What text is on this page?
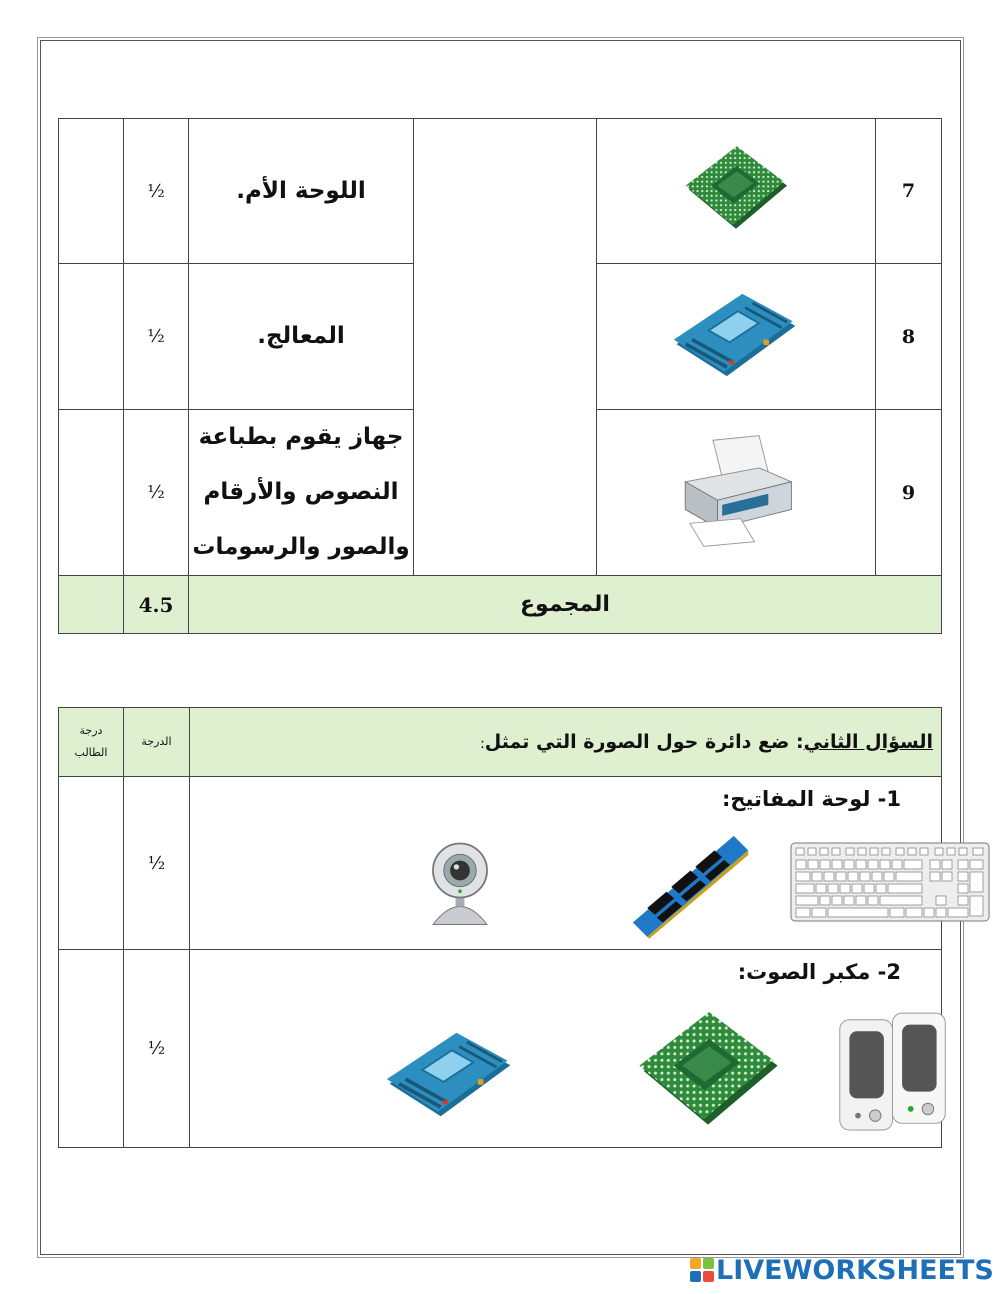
7			اللوحة الأم.	½	
8			المعالج.	½	
9			جهاز يقوم بطباعة
النصوص والأرقام
والصور والرسومات	½	
المجموع				4.5	
السؤال الثاني: ضع دائرة حول الصورة التي تمثل:	الدرجة	درجة
الطالب

1- لوحة المفاتيح:	½	

2- مكبر الصوت:	½	
LIVEWORKSHEETS
